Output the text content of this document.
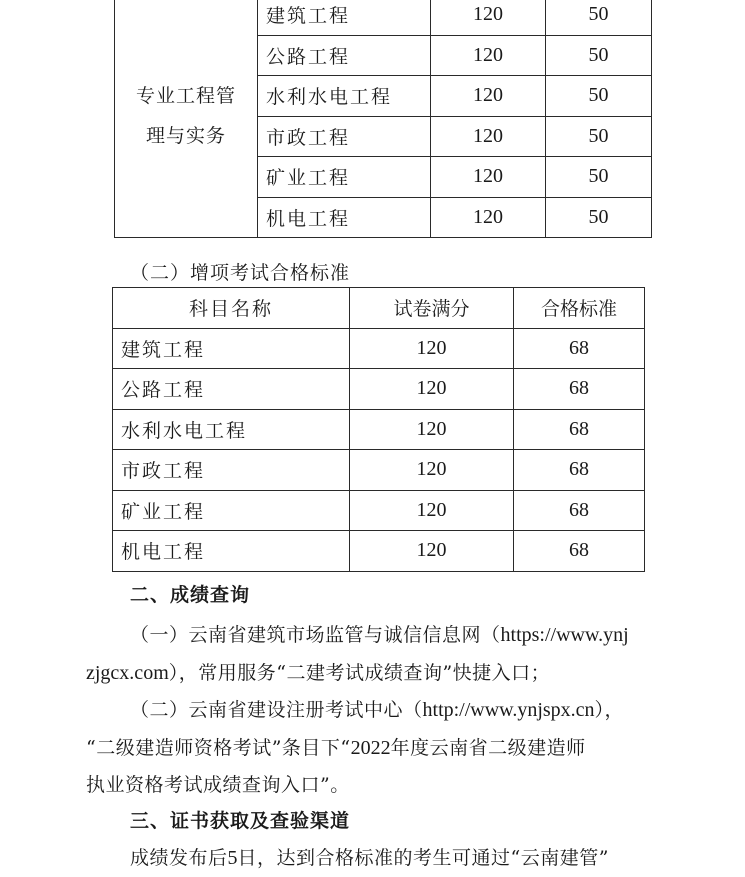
专业工程管
理与实务	建筑工程	120	50
	公路工程	120	50
	水利水电工程	120	50
	市政工程	120	50
	矿业工程	120	50
	机电工程	120	50
（二）增项考试合格标准
科目名称	试卷满分	合格标准
建筑工程	120	68
公路工程	120	68
水利水电工程	120	68
市政工程	120	68
矿业工程	120	68
机电工程	120	68
二、成绩查询
（一）云南省建筑市场监管与诚信信息网（https://www.ynj
zjgcx.com），常用服务“二建考试成绩查询”快捷入口；
（二）云南省建设注册考试中心（http://www.ynjspx.cn），
“二级建造师资格考试”条目下“2022年度云南省二级建造师
执业资格考试成绩查询入口”。
三、证书获取及查验渠道
成绩发布后5日，达到合格标准的考生可通过“云南建管”
